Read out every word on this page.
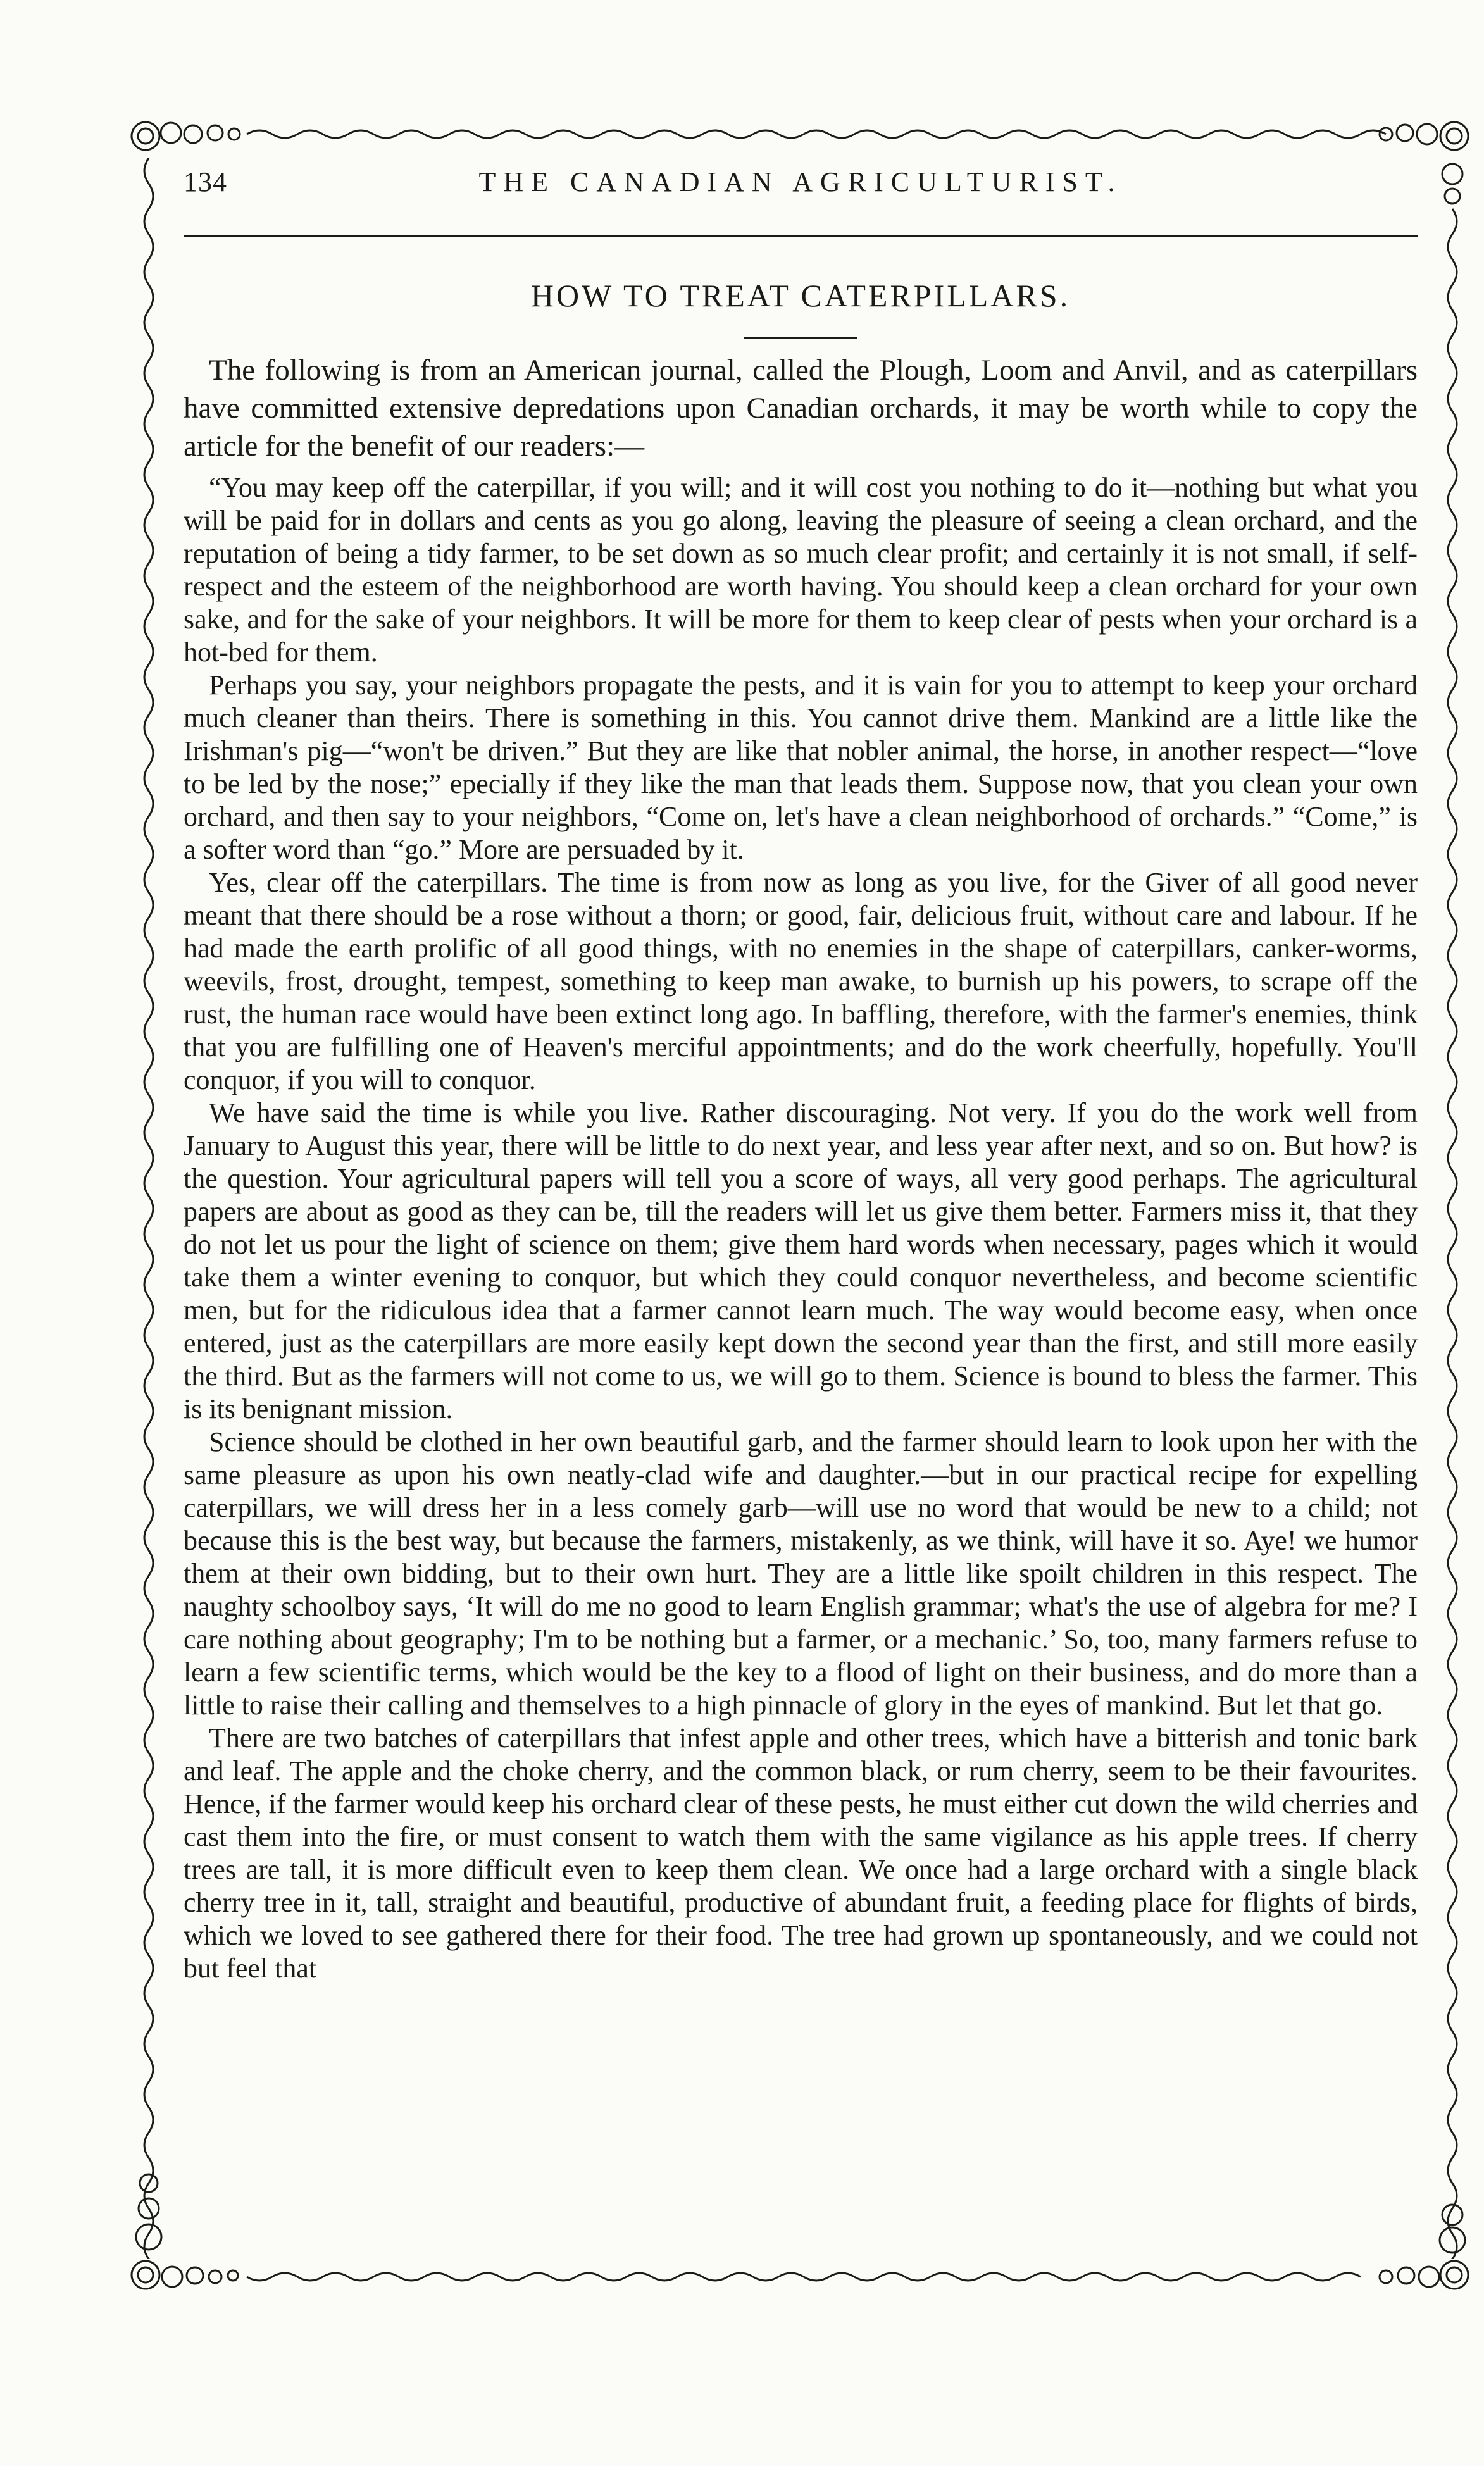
134	THE CANADIAN AGRICULTURIST.
HOW TO TREAT CATERPILLARS.

The following is from an American journal, called the Plough, Loom and Anvil, and as caterpillars have committed extensive depredations upon Canadian orchards, it may be worth while to copy the article for the benefit of our readers:—

“You may keep off the caterpillar, if you will; and it will cost you nothing to do it—nothing but what you will be paid for in dollars and cents as you go along, leaving the pleasure of seeing a clean orchard, and the reputation of being a tidy farmer, to be set down as so much clear profit; and certainly it is not small, if self-respect and the esteem of the neighborhood are worth having. You should keep a clean orchard for your own sake, and for the sake of your neighbors. It will be more for them to keep clear of pests when your orchard is a hot-bed for them.

Perhaps you say, your neighbors propagate the pests, and it is vain for you to attempt to keep your orchard much cleaner than theirs. There is something in this. You cannot drive them. Mankind are a little like the Irishman's pig—“won't be driven.” But they are like that nobler animal, the horse, in another respect—“love to be led by the nose;” epecially if they like the man that leads them. Suppose now, that you clean your own orchard, and then say to your neighbors, “Come on, let's have a clean neighborhood of orchards.” “Come,” is a softer word than “go.” More are persuaded by it.

Yes, clear off the caterpillars. The time is from now as long as you live, for the Giver of all good never meant that there should be a rose without a thorn; or good, fair, delicious fruit, without care and labour. If he had made the earth prolific of all good things, with no enemies in the shape of caterpillars, canker-worms, weevils, frost, drought, tempest, something to keep man awake, to burnish up his powers, to scrape off the rust, the human race would have been extinct long ago. In baffling, therefore, with the farmer's enemies, think that you are fulfilling one of Heaven's merciful appointments; and do the work cheerfully, hopefully. You'll conquor, if you will to conquor.

We have said the time is while you live. Rather discouraging. Not very. If you do the work well from January to August this year, there will be little to do next year, and less year after next, and so on. But how? is the question. Your agricultural papers will tell you a score of ways, all very good perhaps. The agricultural papers are about as good as they can be, till the readers will let us give them better. Farmers miss it, that they do not let us pour the light of science on them; give them hard words when necessary, pages which it would take them a winter evening to conquor, but which they could conquor nevertheless, and become scientific men, but for the ridiculous idea that a farmer cannot learn much. The way would become easy, when once entered, just as the caterpillars are more easily kept down the second year than the first, and still more easily the third. But as the farmers will not come to us, we will go to them. Science is bound to bless the farmer. This is its benignant mission.

Science should be clothed in her own beautiful garb, and the farmer should learn to look upon her with the same pleasure as upon his own neatly-clad wife and daughter.—but in our practical recipe for expelling caterpillars, we will dress her in a less comely garb—will use no word that would be new to a child; not because this is the best way, but because the farmers, mistakenly, as we think, will have it so. Aye! we humor them at their own bidding, but to their own hurt. They are a little like spoilt children in this respect. The naughty schoolboy says, ‘It will do me no good to learn English grammar; what's the use of algebra for me? I care nothing about geography; I'm to be nothing but a farmer, or a mechanic.’ So, too, many farmers refuse to learn a few scientific terms, which would be the key to a flood of light on their business, and do more than a little to raise their calling and themselves to a high pinnacle of glory in the eyes of mankind. But let that go.

There are two batches of caterpillars that infest apple and other trees, which have a bitterish and tonic bark and leaf. The apple and the choke cherry, and the common black, or rum cherry, seem to be their favourites. Hence, if the farmer would keep his orchard clear of these pests, he must either cut down the wild cherries and cast them into the fire, or must consent to watch them with the same vigilance as his apple trees. If cherry trees are tall, it is more difficult even to keep them clean. We once had a large orchard with a single black cherry tree in it, tall, straight and beautiful, productive of abundant fruit, a feeding place for flights of birds, which we loved to see gathered there for their food. The tree had grown up spontaneously, and we could not but feel that
